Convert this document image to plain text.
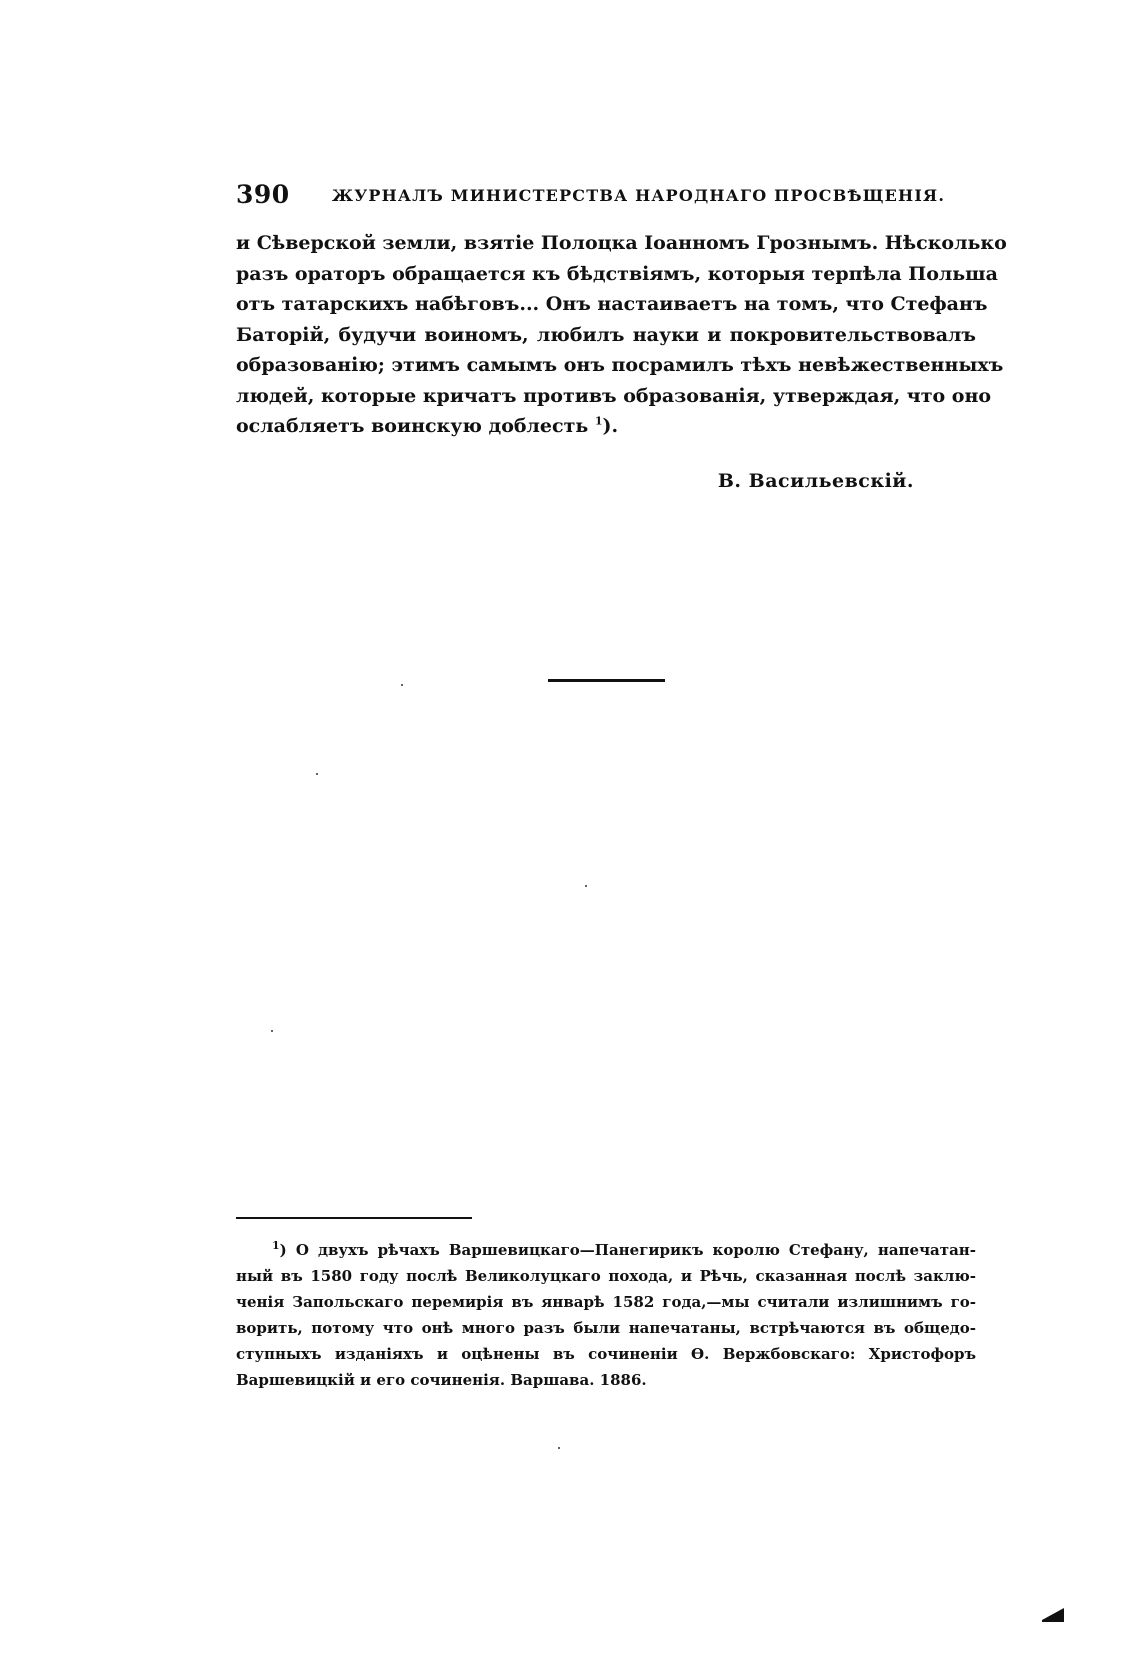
390	ЖУРНАЛЪ МИНИСТЕРСТВА НАРОДНАГО ПРОСВѢЩЕНIЯ.
и Сѣверской земли, взятіе Полоцка Іоанномъ Грознымъ. Нѣсколько
разъ ораторъ обращается къ бѣдствіямъ, которыя терпѣла Польша
отъ татарскихъ набѣговъ... Онъ настаиваетъ на томъ, что Стефанъ
Баторій, будучи воиномъ, любилъ науки и покровительствовалъ
образованію; этимъ самымъ онъ посрамилъ тѣхъ невѣжественныхъ
людей, которые кричатъ противъ образованія, утверждая, что оно
ослабляетъ воинскую доблесть $^1$).
В. Васильевскій.
$^1$) О двухъ рѣчахъ Варшевицкаго—Панегирикъ королю Стефану, напечатан-
ный въ 1580 году послѣ Великолуцкаго похода, и Рѣчь, сказанная послѣ заклю-
ченія Запольскаго перемирія въ январѣ 1582 года,—мы считали излишнимъ го-
ворить, потому что онѣ много разъ были напечатаны, встрѣчаются въ общедо-
ступныхъ изданіяхъ и оцѣнены въ сочиненіи Ѳ. Вержбовскаго: Христофоръ
Варшевицкій и его сочиненія. Варшава. 1886.
